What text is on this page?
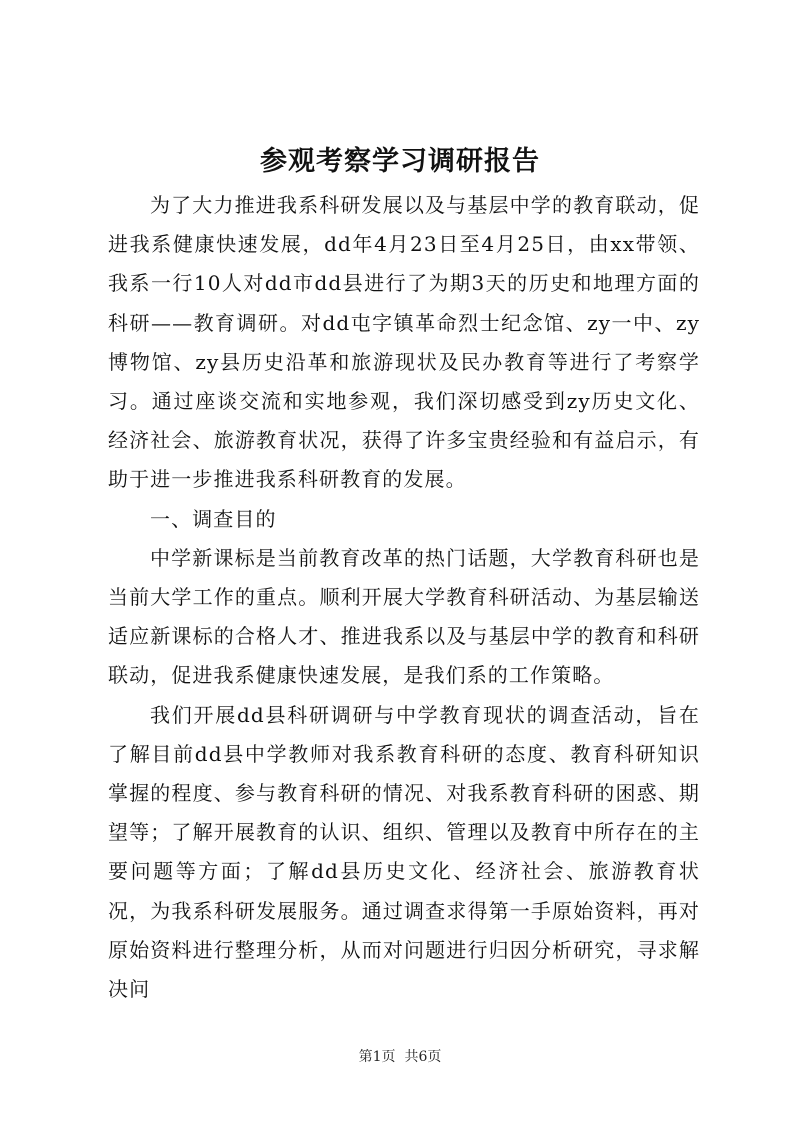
参观考察学习调研报告

为了大力推进我系科研发展以及与基层中学的教育联动，促进我系健康快速发展，dd年4月23日至4月25日，由xx带领、我系一行10人对dd市dd县进行了为期3天的历史和地理方面的科研——教育调研。对dd屯字镇革命烈士纪念馆、zy一中、zy博物馆、zy县历史沿革和旅游现状及民办教育等进行了考察学习。通过座谈交流和实地参观，我们深切感受到zy历史文化、经济社会、旅游教育状况，获得了许多宝贵经验和有益启示，有助于进一步推进我系科研教育的发展。

一、调查目的

中学新课标是当前教育改革的热门话题，大学教育科研也是当前大学工作的重点。顺利开展大学教育科研活动、为基层输送适应新课标的合格人才、推进我系以及与基层中学的教育和科研联动，促进我系健康快速发展，是我们系的工作策略。

我们开展dd县科研调研与中学教育现状的调查活动，旨在了解目前dd县中学教师对我系教育科研的态度、教育科研知识掌握的程度、参与教育科研的情况、对我系教育科研的困惑、期望等；了解开展教育的认识、组织、管理以及教育中所存在的主要问题等方面；了解dd县历史文化、经济社会、旅游教育状况，为我系科研发展服务。通过调查求得第一手原始资料，再对原始资料进行整理分析，从而对问题进行归因分析研究，寻求解决问

第1页 共6页
